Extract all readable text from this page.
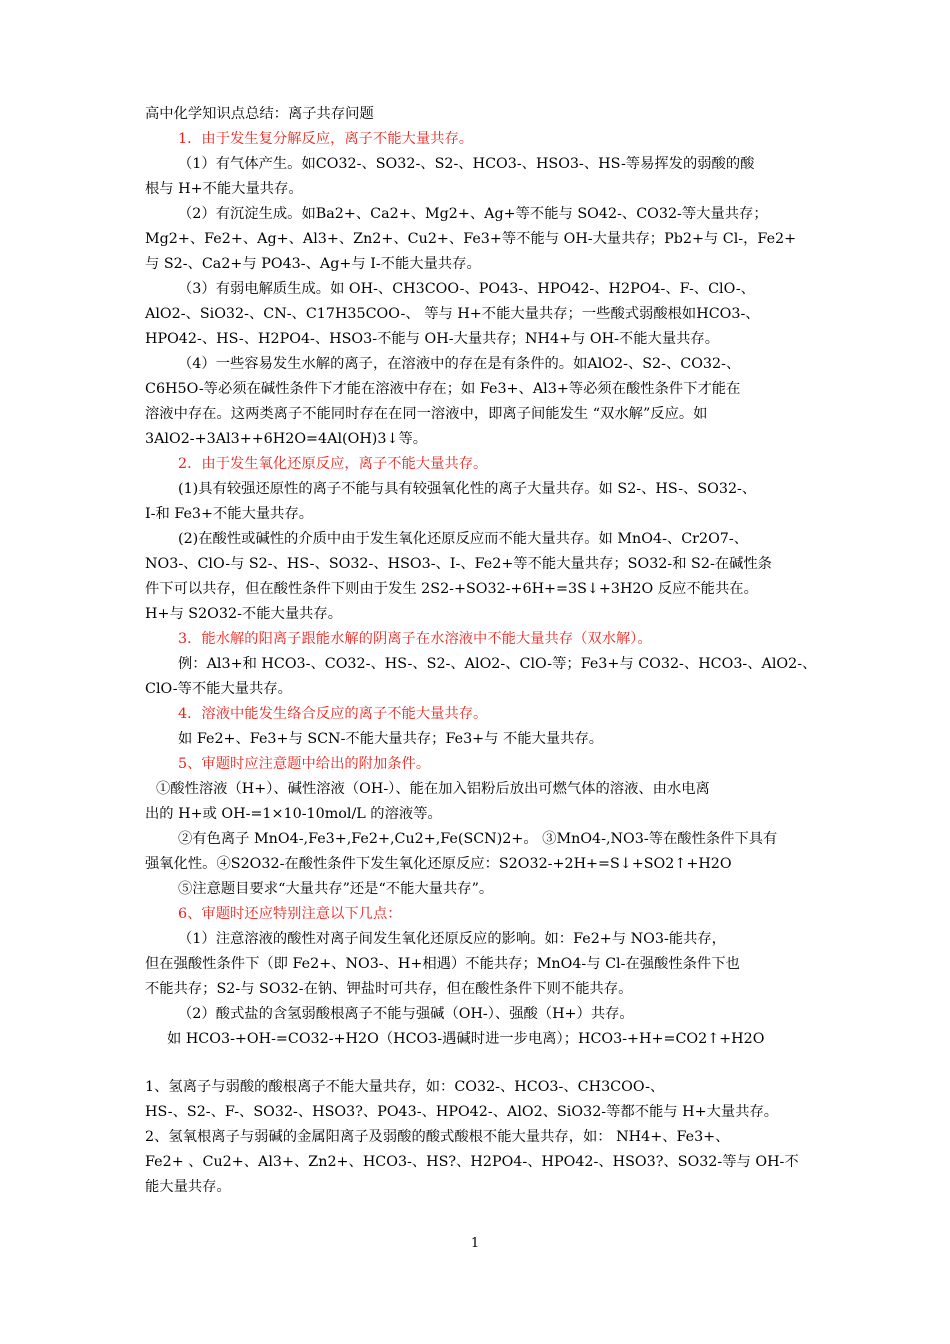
高中化学知识点总结：离子共存问题
1．由于发生复分解反应，离子不能大量共存。
（1）有气体产生。如CO32-、SO32-、S2-、HCO3-、HSO3-、HS-等易挥发的弱酸的酸
根与 H+不能大量共存。
（2）有沉淀生成。如Ba2+、Ca2+、Mg2+、Ag+等不能与 SO42-、CO32-等大量共存；
Mg2+、Fe2+、Ag+、Al3+、Zn2+、Cu2+、Fe3+等不能与 OH-大量共存；Pb2+与 Cl-，Fe2+
与 S2-、Ca2+与 PO43-、Ag+与 I-不能大量共存。
（3）有弱电解质生成。如 OH-、CH3COO-、PO43-、HPO42-、H2PO4-、F-、ClO-、
AlO2-、SiO32-、CN-、C17H35COO-、 等与 H+不能大量共存；一些酸式弱酸根如HCO3-、
HPO42-、HS-、H2PO4-、HSO3-不能与 OH-大量共存；NH4+与 OH-不能大量共存。
（4）一些容易发生水解的离子，在溶液中的存在是有条件的。如AlO2-、S2-、CO32-、
C6H5O-等必须在碱性条件下才能在溶液中存在；如 Fe3+、Al3+等必须在酸性条件下才能在
溶液中存在。这两类离子不能同时存在在同一溶液中，即离子间能发生 “双水解”反应。如
3AlO2-+3Al3++6H2O=4Al(OH)3↓等。
2．由于发生氧化还原反应，离子不能大量共存。
(1)具有较强还原性的离子不能与具有较强氧化性的离子大量共存。如 S2-、HS-、SO32-、
I-和 Fe3+不能大量共存。
(2)在酸性或碱性的介质中由于发生氧化还原反应而不能大量共存。如 MnO4-、Cr2O7-、
NO3-、ClO-与 S2-、HS-、SO32-、HSO3-、I-、Fe2+等不能大量共存；SO32-和 S2-在碱性条
件下可以共存，但在酸性条件下则由于发生 2S2-+SO32-+6H+=3S↓+3H2O 反应不能共在。
H+与 S2O32-不能大量共存。
3．能水解的阳离子跟能水解的阴离子在水溶液中不能大量共存（双水解）。
例：Al3+和 HCO3-、CO32-、HS-、S2-、AlO2-、ClO-等；Fe3+与 CO32-、HCO3-、AlO2-、
ClO-等不能大量共存。
4．溶液中能发生络合反应的离子不能大量共存。
如 Fe2+、Fe3+与 SCN-不能大量共存；Fe3+与 不能大量共存。
5、审题时应注意题中给出的附加条件。
①酸性溶液（H+）、碱性溶液（OH-）、能在加入铝粉后放出可燃气体的溶液、由水电离
出的 H+或 OH-=1×10-10mol/L 的溶液等。
②有色离子 MnO4-,Fe3+,Fe2+,Cu2+,Fe(SCN)2+。 ③MnO4-,NO3-等在酸性条件下具有
强氧化性。④S2O32-在酸性条件下发生氧化还原反应：S2O32-+2H+=S↓+SO2↑+H2O
⑤注意题目要求“大量共存”还是“不能大量共存”。
6、审题时还应特别注意以下几点：
（1）注意溶液的酸性对离子间发生氧化还原反应的影响。如：Fe2+与 NO3-能共存，
但在强酸性条件下（即 Fe2+、NO3-、H+相遇）不能共存；MnO4-与 Cl-在强酸性条件下也
不能共存；S2-与 SO32-在钠、钾盐时可共存，但在酸性条件下则不能共存。
（2）酸式盐的含氢弱酸根离子不能与强碱（OH-）、强酸（H+）共存。
如 HCO3-+OH-=CO32-+H2O（HCO3-遇碱时进一步电离）；HCO3-+H+=CO2↑+H2O
1、氢离子与弱酸的酸根离子不能大量共存，如：CO32-、HCO3-、CH3COO-、
HS-、S2-、F-、SO32-、HSO3?、PO43-、HPO42-、AlO2、SiO32-等都不能与 H+大量共存。
2、氢氧根离子与弱碱的金属阳离子及弱酸的酸式酸根不能大量共存，如： NH4+、Fe3+、
Fe2+ 、Cu2+、Al3+、Zn2+、HCO3-、HS?、H2PO4-、HPO42-、HSO3?、SO32-等与 OH-不
能大量共存。
1
